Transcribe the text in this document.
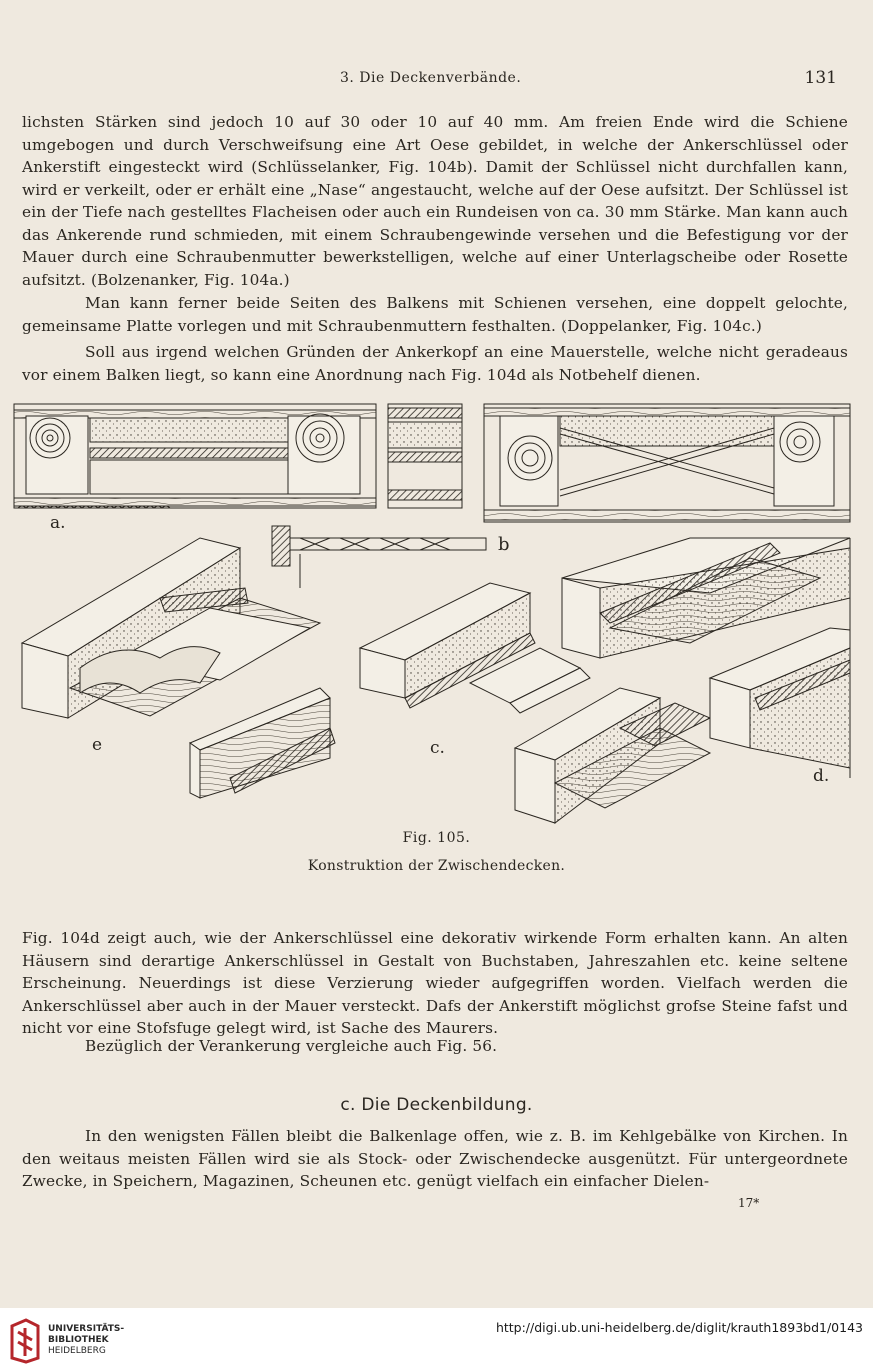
3. Die Deckenverbände.	131

lichsten Stärken sind jedoch 10 auf 30 oder 10 auf 40 mm. Am freien Ende wird die Schiene umgebogen und durch Verschweifsung eine Art Oese gebildet, in welche der Ankerschlüssel oder Ankerstift eingesteckt wird (Schlüsselanker, Fig. 104b). Damit der Schlüssel nicht durchfallen kann, wird er verkeilt, oder er erhält eine „Nase“ angestaucht, welche auf der Oese aufsitzt. Der Schlüssel ist ein der Tiefe nach gestelltes Flacheisen oder auch ein Rundeisen von ca. 30 mm Stärke. Man kann auch das Ankerende rund schmieden, mit einem Schraubengewinde versehen und die Befestigung vor der Mauer durch eine Schraubenmutter bewerkstelligen, welche auf einer Unterlagscheibe oder Rosette aufsitzt. (Bolzenanker, Fig. 104a.)

Man kann ferner beide Seiten des Balkens mit Schienen versehen, eine doppelt gelochte, gemeinsame Platte vorlegen und mit Schraubenmuttern festhalten. (Doppelanker, Fig. 104c.)

Soll aus irgend welchen Gründen der Ankerkopf an eine Mauerstelle, welche nicht geradeaus vor einem Balken liegt, so kann eine Anordnung nach Fig. 104d als Notbehelf dienen.

a.
b
e	c.
d.
Fig. 105.
Konstruktion der Zwischendecken.

Fig. 104d zeigt auch, wie der Ankerschlüssel eine dekorativ wirkende Form erhalten kann. An alten Häusern sind derartige Ankerschlüssel in Gestalt von Buchstaben, Jahreszahlen etc. keine seltene Erscheinung. Neuerdings ist diese Verzierung wieder aufgegriffen worden. Vielfach werden die Ankerschlüssel aber auch in der Mauer versteckt. Dafs der Ankerstift möglichst grofse Steine fafst und nicht vor eine Stofsfuge gelegt wird, ist Sache des Maurers.

Bezüglich der Verankerung vergleiche auch Fig. 56.

c. Die Deckenbildung.

In den wenigsten Fällen bleibt die Balkenlage offen, wie z. B. im Kehlgebälke von Kirchen. In den weitaus meisten Fällen wird sie als Stock- oder Zwischendecke ausgenützt. Für untergeordnete Zwecke, in Speichern, Magazinen, Scheunen etc. genügt vielfach ein einfacher Dielen-

17*
UNIVERSITÄTS-
BIBLIOTHEK
HEIDELBERG
http://digi.ub.uni-heidelberg.de/diglit/krauth1893bd1/0143
